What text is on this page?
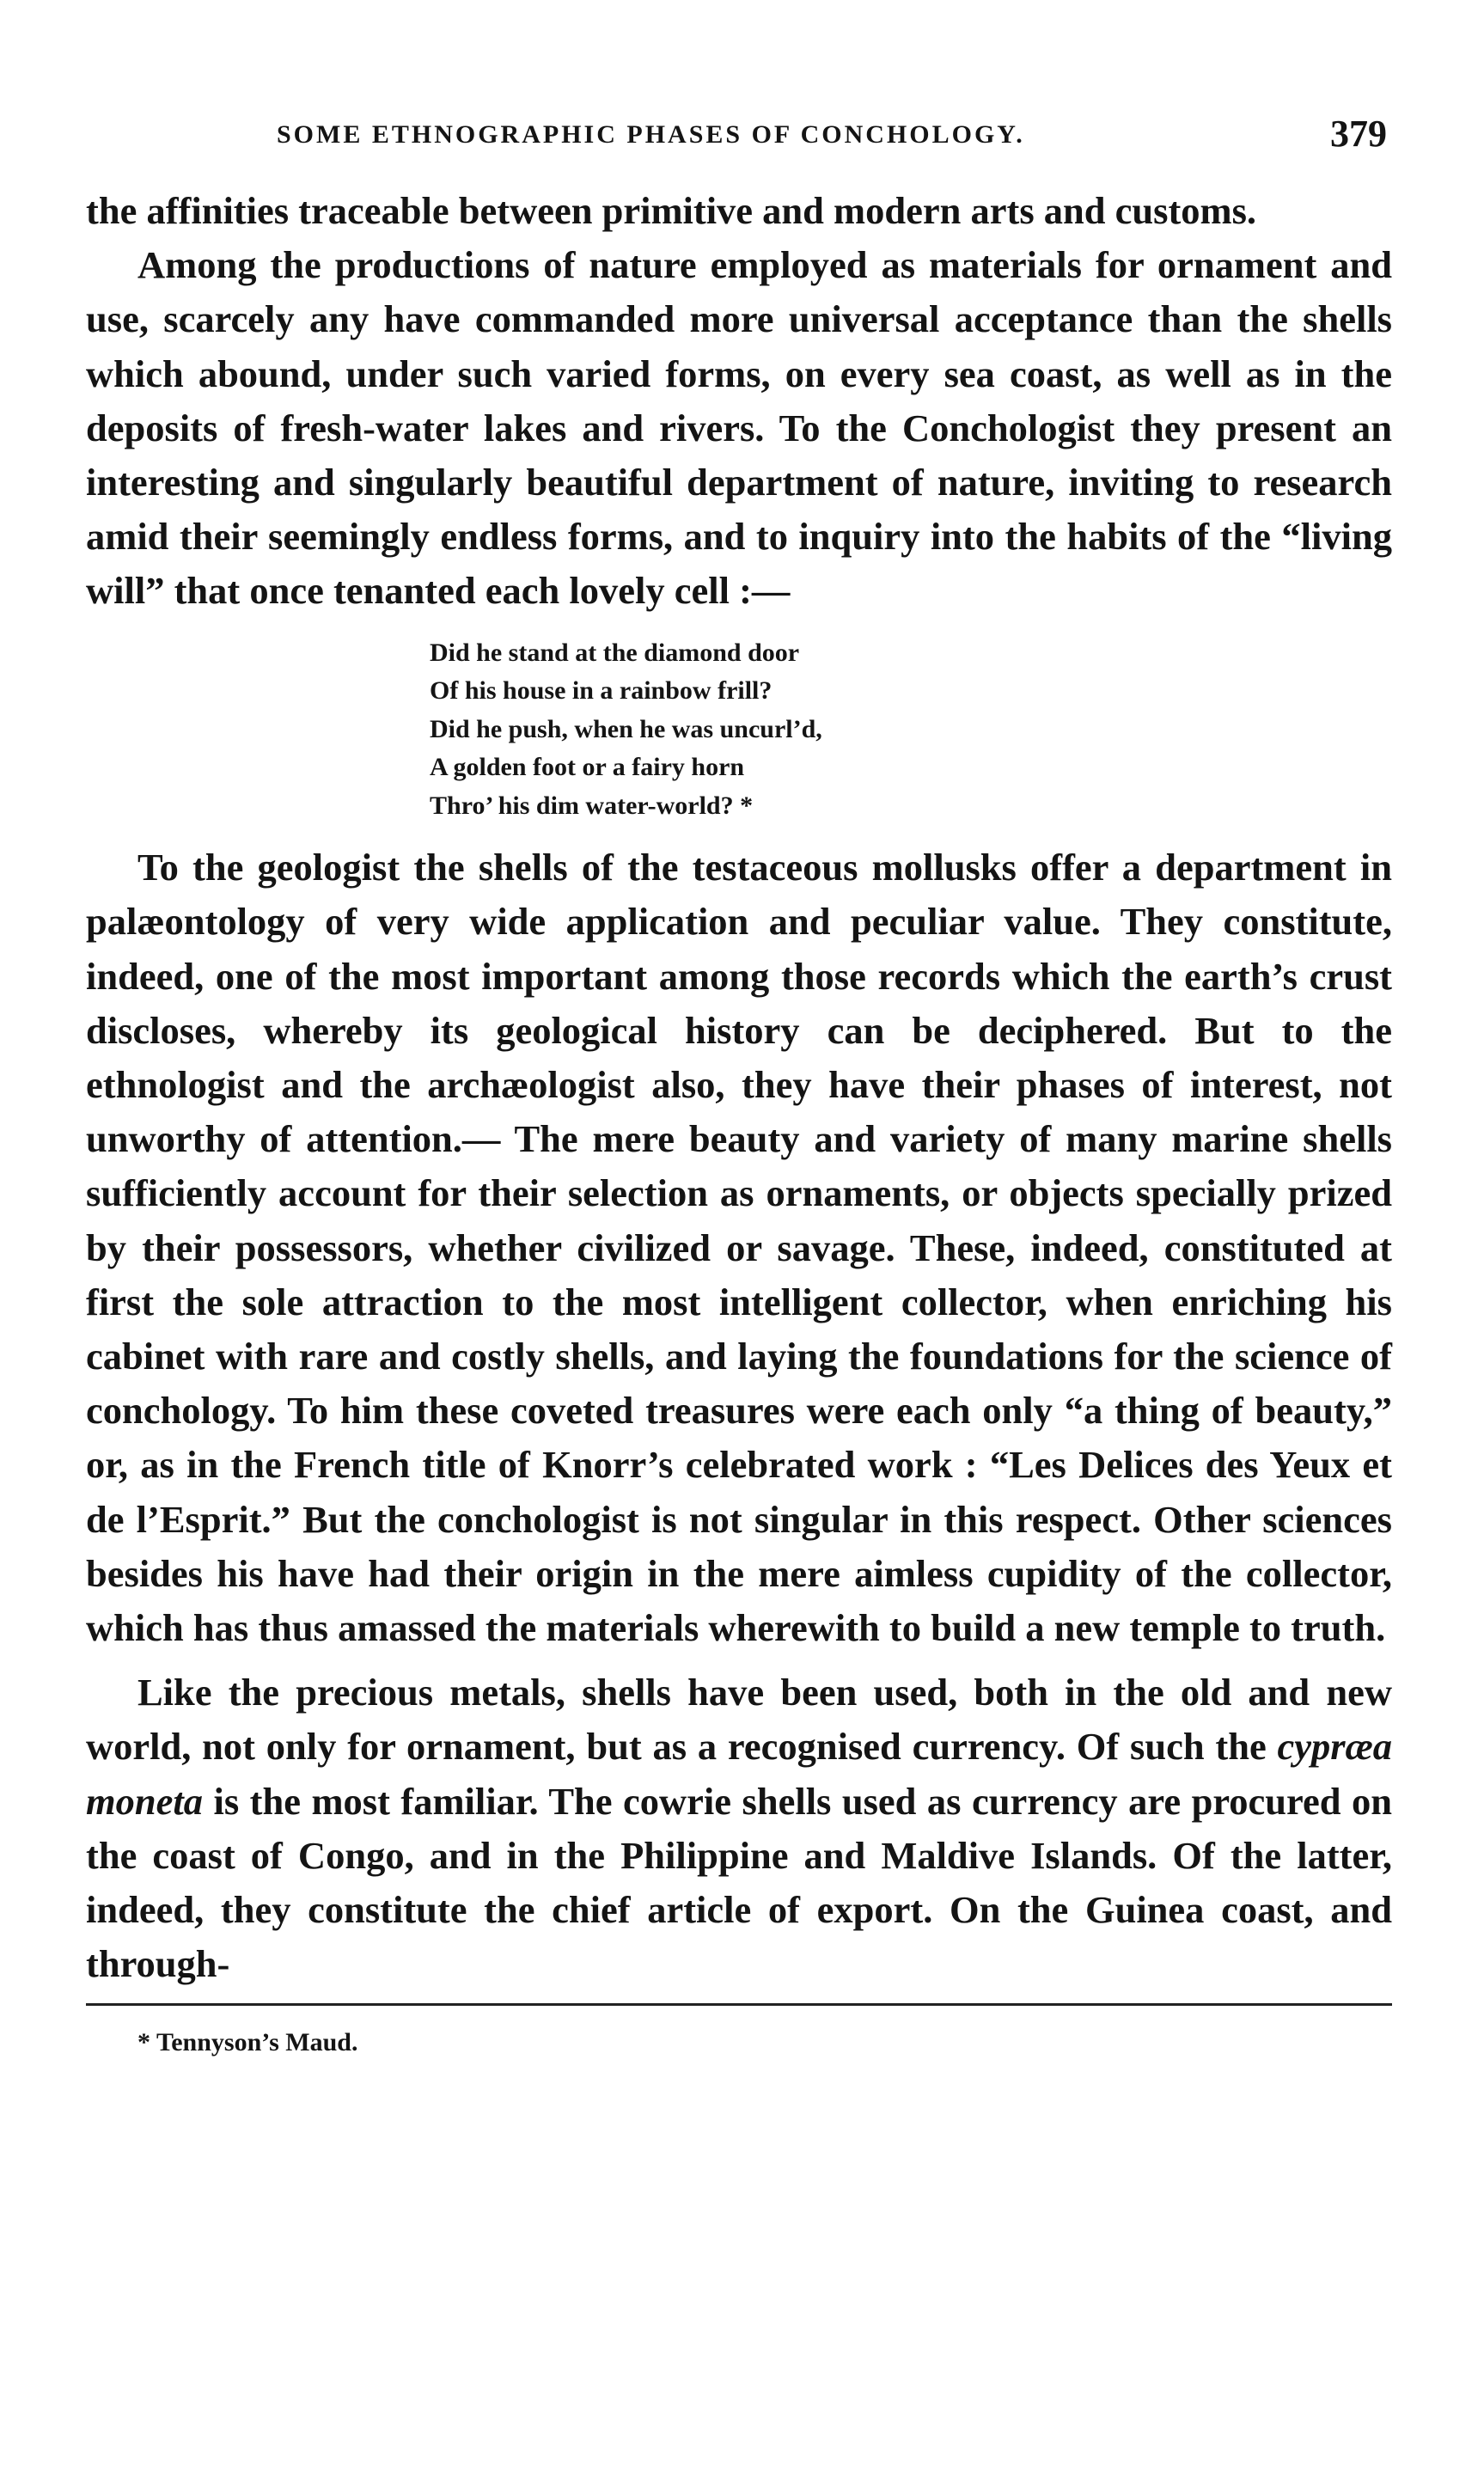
SOME ETHNOGRAPHIC PHASES OF CONCHOLOGY.	379

the affinities traceable between primitive and modern arts and customs.

Among the productions of nature employed as materials for ornament and use, scarcely any have commanded more universal acceptance than the shells which abound, under such varied forms, on every sea coast, as well as in the deposits of fresh-water lakes and rivers. To the Conchologist they present an interesting and singularly beautiful department of nature, inviting to research amid their seemingly endless forms, and to inquiry into the habits of the “living will” that once tenanted each lovely cell :—

Did he stand at the diamond door
Of his house in a rainbow frill?
Did he push, when he was uncurl’d,
A golden foot or a fairy horn
Thro’ his dim water-world? *

To the geologist the shells of the testaceous mollusks offer a department in palæontology of very wide application and peculiar value. They constitute, indeed, one of the most important among those records which the earth’s crust discloses, whereby its geological history can be deciphered. But to the ethnologist and the archæologist also, they have their phases of interest, not unworthy of attention.— The mere beauty and variety of many marine shells sufficiently account for their selection as ornaments, or objects specially prized by their possessors, whether civilized or savage. These, indeed, constituted at first the sole attraction to the most intelligent collector, when enriching his cabinet with rare and costly shells, and laying the foundations for the science of conchology. To him these coveted treasures were each only “a thing of beauty,” or, as in the French title of Knorr’s celebrated work : “Les Delices des Yeux et de l’Esprit.” But the conchologist is not singular in this respect. Other sciences besides his have had their origin in the mere aimless cupidity of the collector, which has thus amassed the materials wherewith to build a new temple to truth.

Like the precious metals, shells have been used, both in the old and new world, not only for ornament, but as a recognised currency. Of such the cypræa moneta is the most familiar. The cowrie shells used as currency are procured on the coast of Congo, and in the Philippine and Maldive Islands. Of the latter, indeed, they constitute the chief article of export. On the Guinea coast, and through-

* Tennyson’s Maud.
